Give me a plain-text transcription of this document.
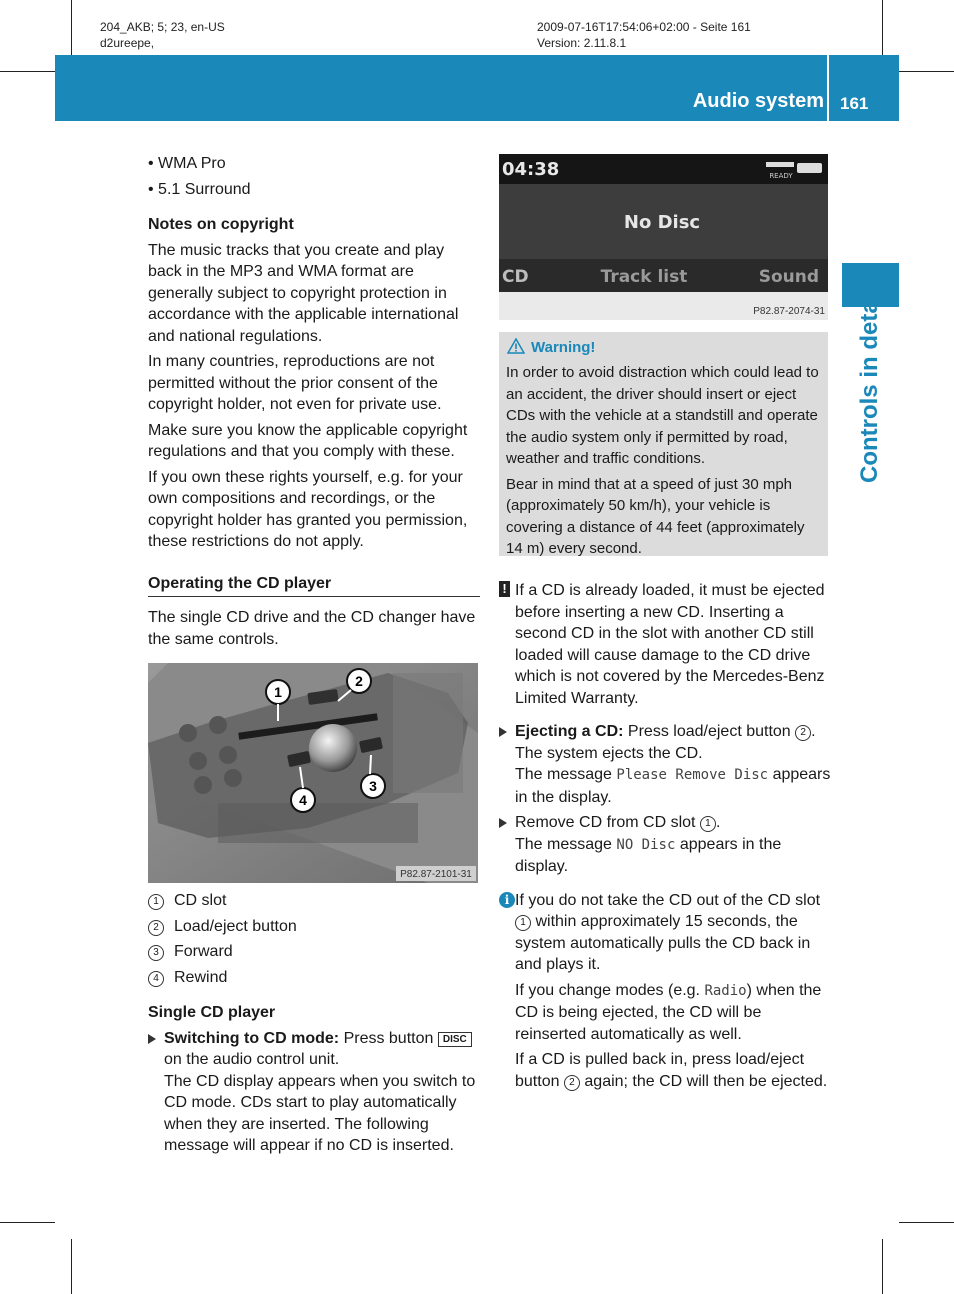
204_AKB; 5; 23, en-US
d2ureepe,
2009-07-16T17:54:06+02:00 - Seite 161
Version: 2.11.8.1
Audio system 161
Controls in detail

• WMA Pro

• 5.1 Surround

Notes on copyright

The music tracks that you create and play back in the MP3 and WMA format are generally subject to copyright protection in accordance with the applicable international and national regulations.

In many countries, reproductions are not permitted without the prior consent of the copyright holder, not even for private use.

Make sure you know the applicable copyright regulations and that you comply with these.

If you own these rights yourself, e.g. for your own compositions and recordings, or the copyright holder has granted you permission, these restrictions do not apply.

Operating the CD player

The single CD drive and the CD changer have the same controls.

1
2
3
4
P82.87-2101-31

1 CD slot

2 Load/eject button

3 Forward

4 Rewind

Single CD player

Switching to CD mode: Press button DISC on the audio control unit.
The CD display appears when you switch to CD mode. CDs start to play automatically when they are inserted. The following message will appear if no CD is inserted.
04:38	READY
No Disc
CD	Track list	Sound
P82.87-2074-31
Warning!
In order to avoid distraction which could lead to an accident, the driver should insert or eject CDs with the vehicle at a standstill and operate the audio system only if permitted by road, weather and traffic conditions.
Bear in mind that at a speed of just 30 mph (approximately 50 km/h), your vehicle is covering a distance of 44 feet (approximately 14 m) every second.
! If a CD is already loaded, it must be ejected before inserting a new CD. Inserting a second CD in the slot with another CD still loaded will cause damage to the CD drive which is not covered by the Mercedes-Benz Limited Warranty.
Ejecting a CD: Press load/eject button 2 .
The system ejects the CD.
The message Please Remove Disc appears in the display.
Remove CD from CD slot 1 .
The message NO Disc appears in the display.
i If you do not take the CD out of the CD slot 1 within approximately 15 seconds, the system automatically pulls the CD back in and plays it.

If you change modes (e.g. Radio) when the CD is being ejected, the CD will be reinserted automatically as well.

If a CD is pulled back in, press load/eject button 2 again; the CD will then be ejected.
